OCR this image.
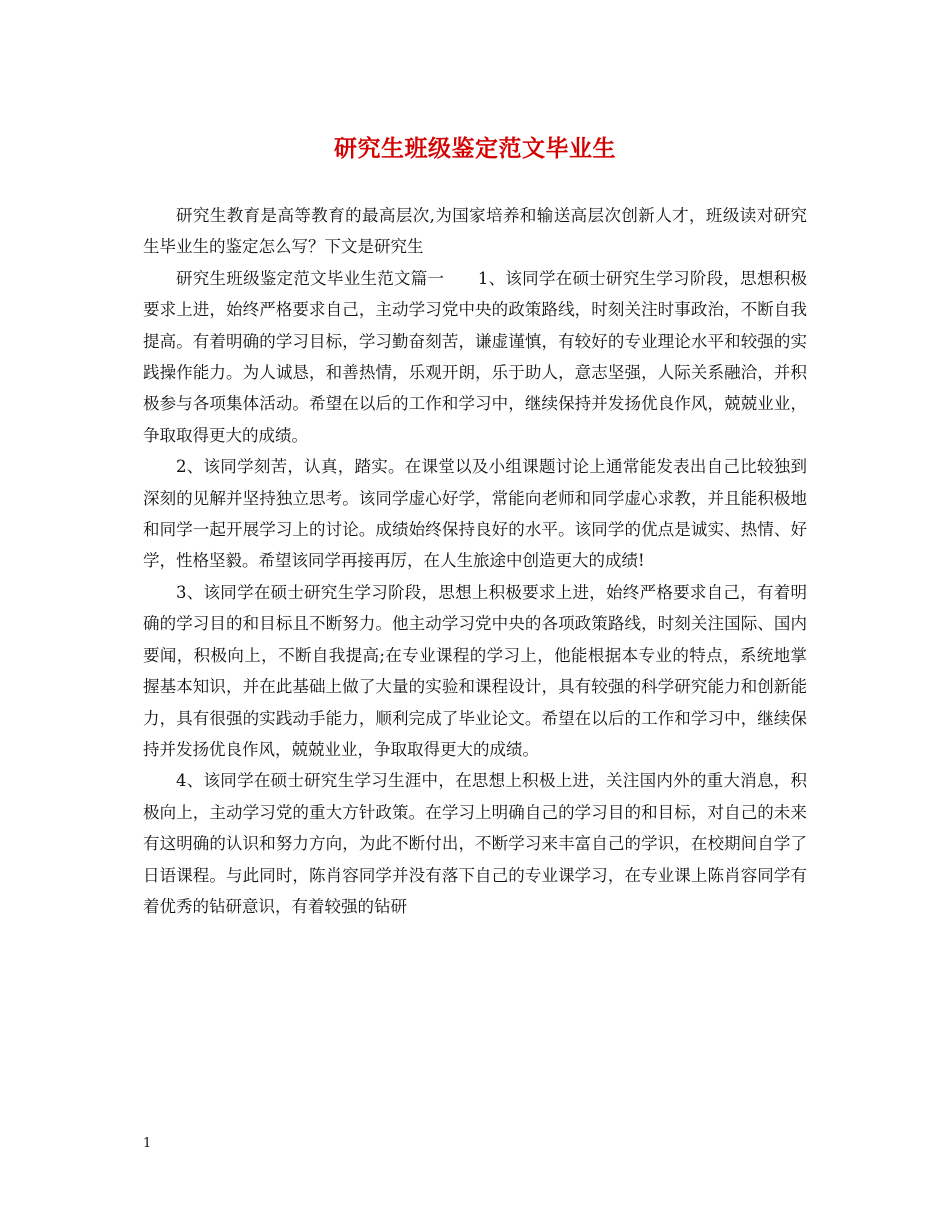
研究生班级鉴定范文毕业生

研究生教育是高等教育的最高层次,为国家培养和输送高层次创新人才，班级读对研究生毕业生的鉴定怎么写？下文是研究生

研究生班级鉴定范文毕业生范文篇一　　1、该同学在硕士研究生学习阶段，思想积极要求上进，始终严格要求自己，主动学习党中央的政策路线，时刻关注时事政治，不断自我提高。有着明确的学习目标，学习勤奋刻苦，谦虚谨慎，有较好的专业理论水平和较强的实践操作能力。为人诚恳，和善热情，乐观开朗，乐于助人，意志坚强，人际关系融洽，并积极参与各项集体活动。希望在以后的工作和学习中，继续保持并发扬优良作风，兢兢业业，争取取得更大的成绩。

2、该同学刻苦，认真，踏实。在课堂以及小组课题讨论上通常能发表出自己比较独到深刻的见解并坚持独立思考。该同学虚心好学，常能向老师和同学虚心求教，并且能积极地和同学一起开展学习上的讨论。成绩始终保持良好的水平。该同学的优点是诚实、热情、好学，性格坚毅。希望该同学再接再厉，在人生旅途中创造更大的成绩!

3、该同学在硕士研究生学习阶段，思想上积极要求上进，始终严格要求自己，有着明确的学习目的和目标且不断努力。他主动学习党中央的各项政策路线，时刻关注国际、国内要闻，积极向上，不断自我提高;在专业课程的学习上，他能根据本专业的特点，系统地掌握基本知识，并在此基础上做了大量的实验和课程设计，具有较强的科学研究能力和创新能力，具有很强的实践动手能力，顺利完成了毕业论文。希望在以后的工作和学习中，继续保持并发扬优良作风，兢兢业业，争取取得更大的成绩。

4、该同学在硕士研究生学习生涯中，在思想上积极上进，关注国内外的重大消息，积极向上，主动学习党的重大方针政策。在学习上明确自己的学习目的和目标，对自己的未来有这明确的认识和努力方向，为此不断付出，不断学习来丰富自己的学识，在校期间自学了日语课程。与此同时，陈肖容同学并没有落下自己的专业课学习，在专业课上陈肖容同学有着优秀的钻研意识，有着较强的钻研

1
